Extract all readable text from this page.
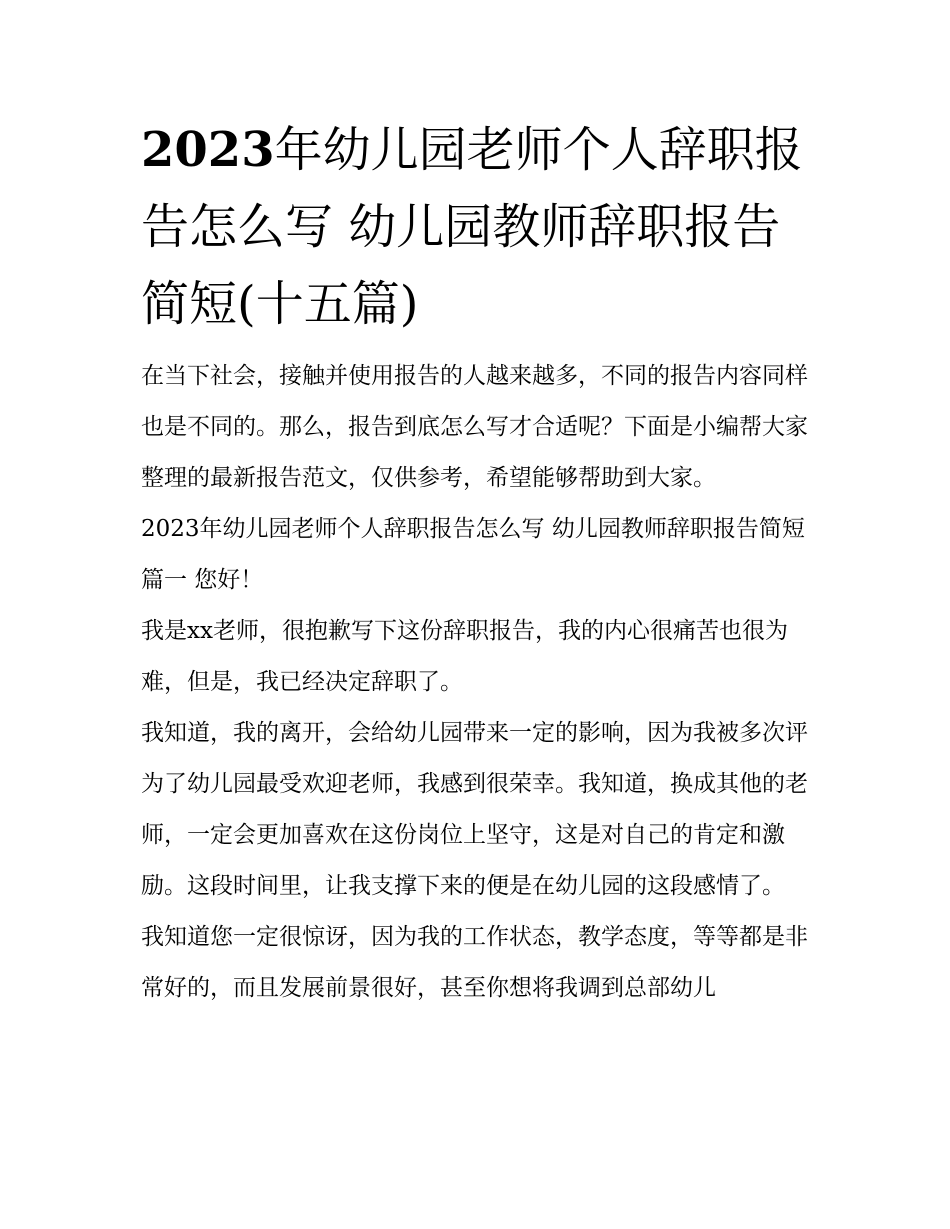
2023年幼儿园老师个人辞职报告怎么写 幼儿园教师辞职报告简短(十五篇)

在当下社会，接触并使用报告的人越来越多，不同的报告内容同样也是不同的。那么，报告到底怎么写才合适呢？下面是小编帮大家整理的最新报告范文，仅供参考，希望能够帮助到大家。

2023年幼儿园老师个人辞职报告怎么写 幼儿园教师辞职报告简短篇一 您好！

我是xx老师，很抱歉写下这份辞职报告，我的内心很痛苦也很为难，但是，我已经决定辞职了。

我知道，我的离开，会给幼儿园带来一定的影响，因为我被多次评为了幼儿园最受欢迎老师，我感到很荣幸。我知道，换成其他的老师，一定会更加喜欢在这份岗位上坚守，这是对自己的肯定和激励。这段时间里，让我支撑下来的便是在幼儿园的这段感情了。

我知道您一定很惊讶，因为我的工作状态，教学态度，等等都是非常好的，而且发展前景很好，甚至你想将我调到总部幼儿
